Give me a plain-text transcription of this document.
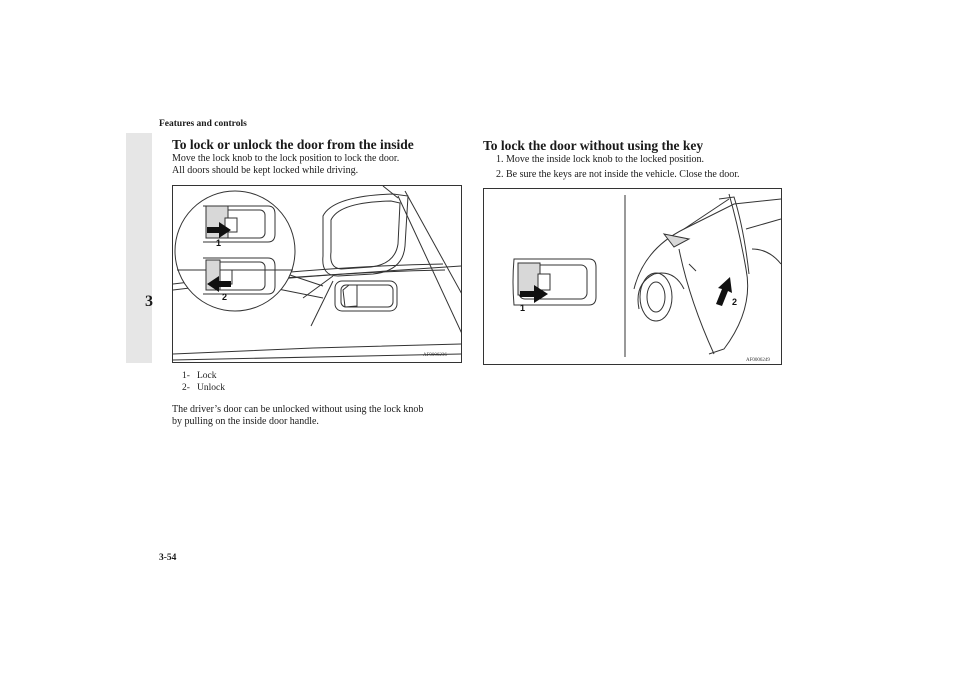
Features and controls
3
To lock or unlock the door from the inside
Move the lock knob to the lock position to lock the door.
All doors should be kept locked while driving.
1
2
AF0006236
1- Lock
2- Unlock
The driver’s door can be unlocked without using the lock knob
by pulling on the inside door handle.
To lock the door without using the key
1. Move the inside lock knob to the locked position.
2. Be sure the keys are not inside the vehicle. Close the door.
1
2
AF0006249
3-54
